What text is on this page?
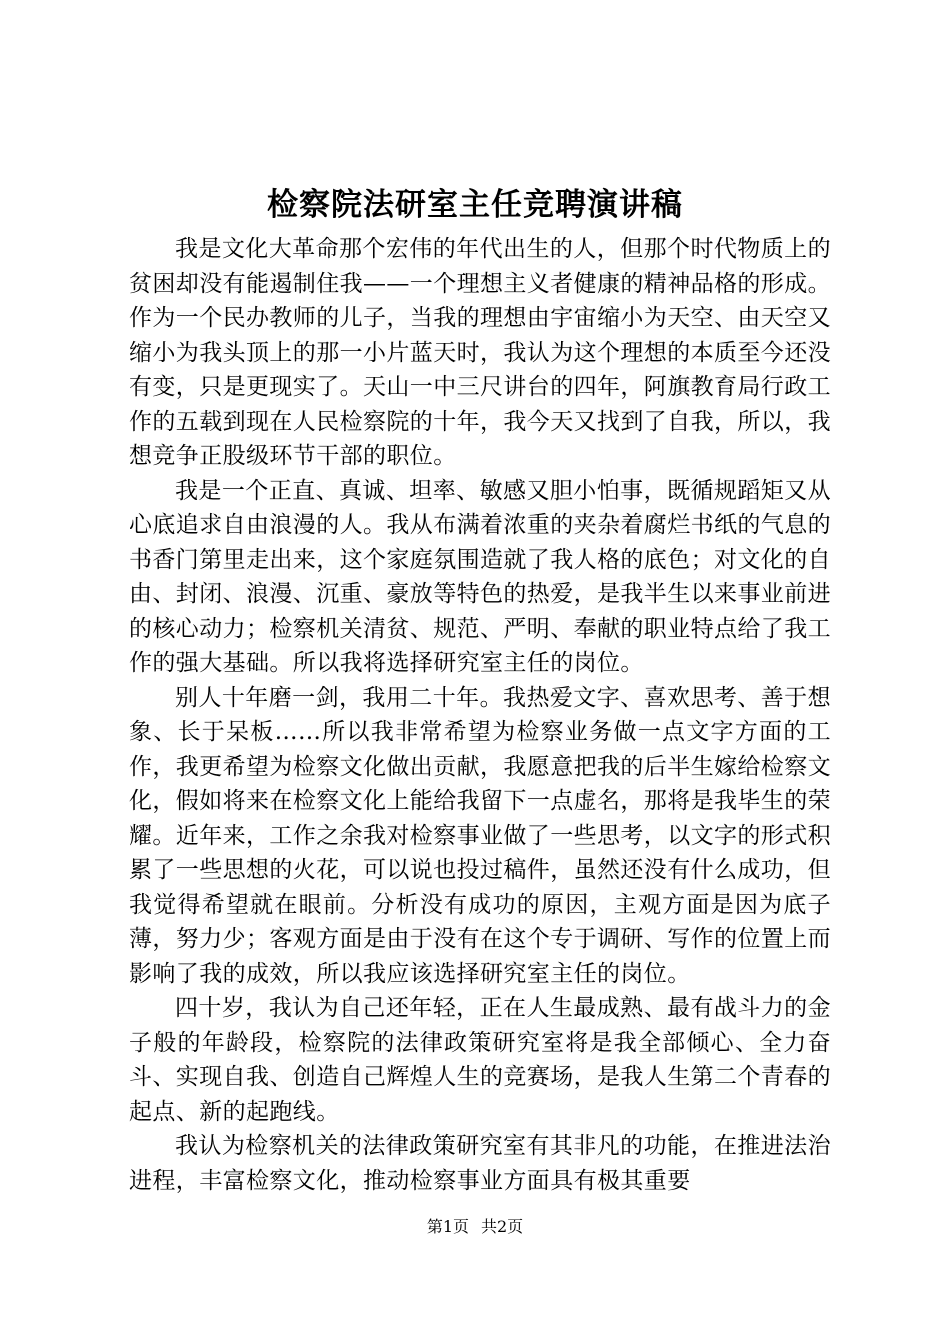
检察院法研室主任竞聘演讲稿

我是文化大革命那个宏伟的年代出生的人，但那个时代物质上的贫困却没有能遏制住我——一个理想主义者健康的精神品格的形成。作为一个民办教师的儿子，当我的理想由宇宙缩小为天空、由天空又缩小为我头顶上的那一小片蓝天时，我认为这个理想的本质至今还没有变，只是更现实了。天山一中三尺讲台的四年，阿旗教育局行政工作的五载到现在人民检察院的十年，我今天又找到了自我，所以，我想竞争正股级环节干部的职位。

我是一个正直、真诚、坦率、敏感又胆小怕事，既循规蹈矩又从心底追求自由浪漫的人。我从布满着浓重的夹杂着腐烂书纸的气息的书香门第里走出来，这个家庭氛围造就了我人格的底色；对文化的自由、封闭、浪漫、沉重、豪放等特色的热爱，是我半生以来事业前进的核心动力；检察机关清贫、规范、严明、奉献的职业特点给了我工作的强大基础。所以我将选择研究室主任的岗位。

别人十年磨一剑，我用二十年。我热爱文字、喜欢思考、善于想象、长于呆板……所以我非常希望为检察业务做一点文字方面的工作，我更希望为检察文化做出贡献，我愿意把我的后半生嫁给检察文化，假如将来在检察文化上能给我留下一点虚名，那将是我毕生的荣耀。近年来，工作之余我对检察事业做了一些思考，以文字的形式积累了一些思想的火花，可以说也投过稿件，虽然还没有什么成功，但我觉得希望就在眼前。分析没有成功的原因，主观方面是因为底子薄，努力少；客观方面是由于没有在这个专于调研、写作的位置上而影响了我的成效，所以我应该选择研究室主任的岗位。

四十岁，我认为自己还年轻，正在人生最成熟、最有战斗力的金子般的年龄段，检察院的法律政策研究室将是我全部倾心、全力奋斗、实现自我、创造自己辉煌人生的竞赛场，是我人生第二个青春的起点、新的起跑线。

我认为检察机关的法律政策研究室有其非凡的功能，在推进法治进程，丰富检察文化，推动检察事业方面具有极其重要

第1页 共2页
